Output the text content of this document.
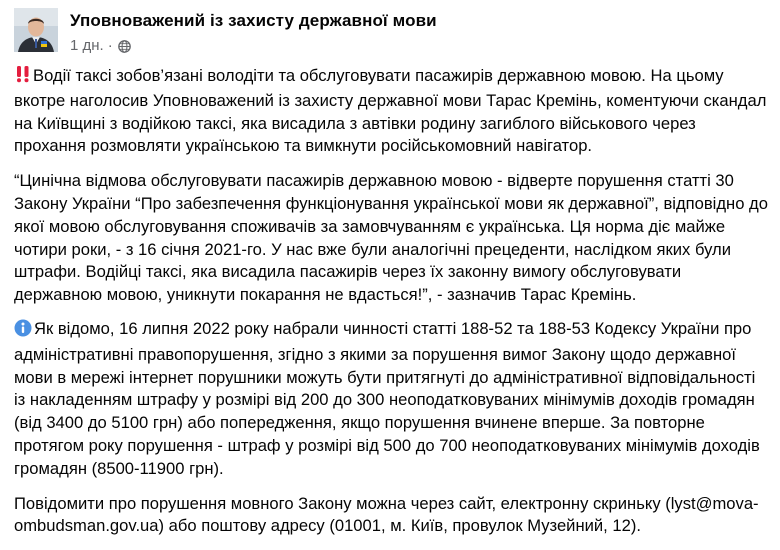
Уповноважений із захисту державної мови
1 дн. ·

Водії таксі зобов’язані володіти та обслуговувати пасажирів державною мовою. На цьому вкотре наголосив Уповноважений із захисту державної мови Тарас Кремінь, коментуючи скандал на Київщині з водійкою таксі, яка висадила з автівки родину загиблого військового через прохання розмовляти українською та вимкнути російськомовний навігатор.

“Цинічна відмова обслуговувати пасажирів державною мовою - відверте порушення статті 30 Закону України “Про забезпечення функціонування української мови як державної”, відповідно до якої мовою обслуговування споживачів за замовчуванням є українська. Ця норма діє майже чотири роки, - з 16 січня 2021-го. У нас вже були аналогічні прецеденти, наслідком яких були штрафи. Водійці таксі, яка висадила пасажирів через їх законну вимогу обслуговувати державною мовою, уникнути покарання не вдасться!”, - зазначив Тарас Кремінь.

Як відомо, 16 липня 2022 року набрали чинності статті 188-52 та 188-53 Кодексу України про адміністративні правопорушення, згідно з якими за порушення вимог Закону щодо державної мови в мережі інтернет порушники можуть бути притягнуті до адміністративної відповідальності із накладенням штрафу у розмірі від 200 до 300 неоподатковуваних мінімумів доходів громадян (від 3400 до 5100 грн) або попередження, якщо порушення вчинене вперше. За повторне протягом року порушення - штраф у розмірі від 500 до 700 неоподатковуваних мінімумів доходів громадян (8500-11900 грн).

Повідомити про порушення мовного Закону можна через сайт, електронну скриньку (lyst@mova-ombudsman.gov.ua) або поштову адресу (01001, м. Київ, провулок Музейний, 12).
